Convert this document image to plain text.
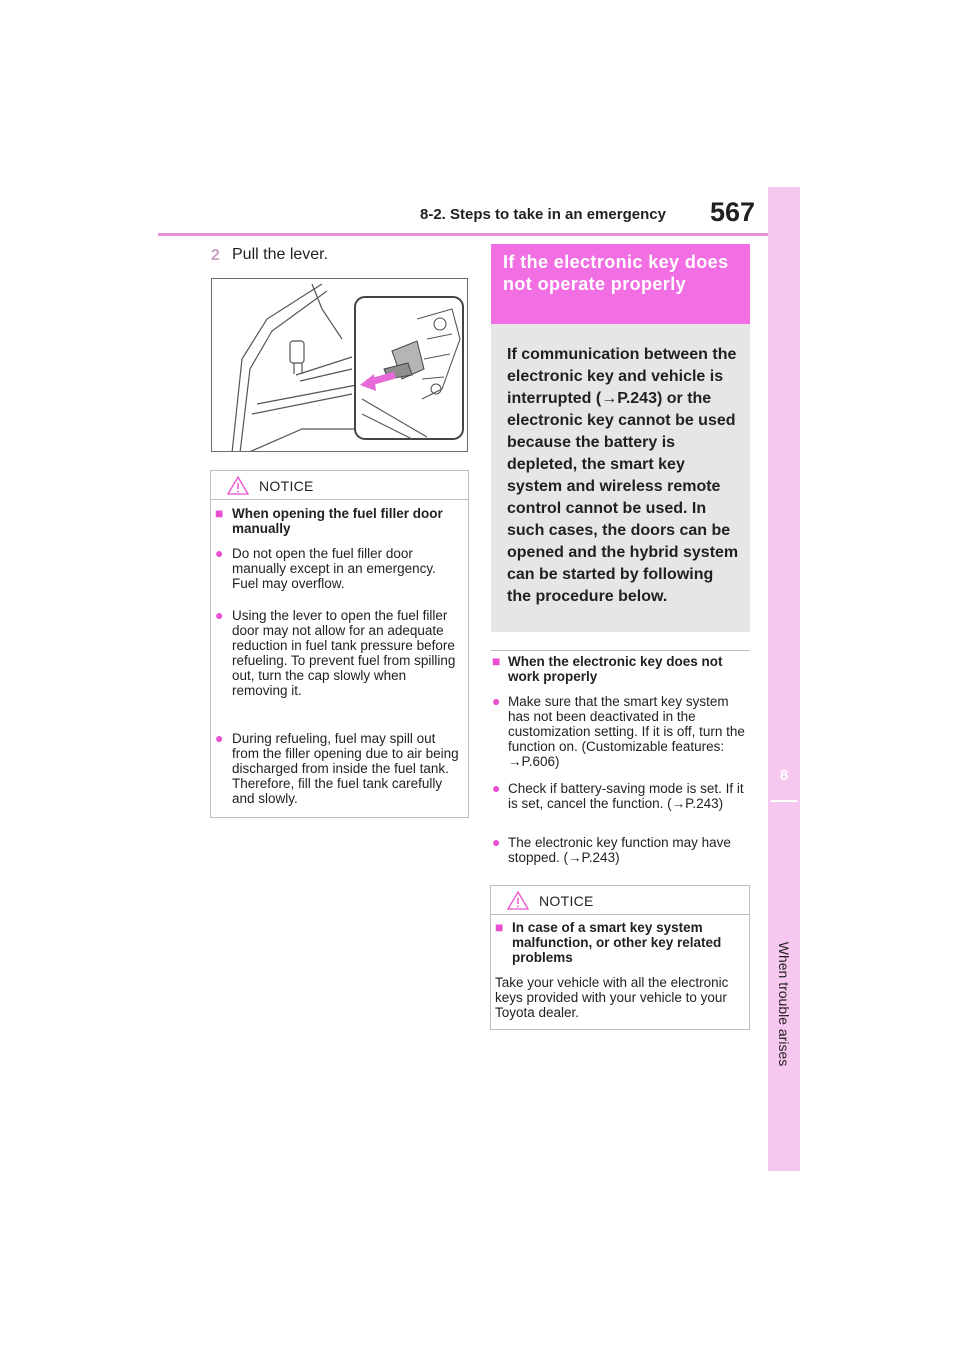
8-2. Steps to take in an emergency 567
8
When trouble arises
2 Pull the lever.
NOTICE
■ When opening the fuel filler door manually
● Do not open the fuel filler door manually except in an emergency. Fuel may overflow.
● Using the lever to open the fuel filler door may not allow for an adequate reduction in fuel tank pressure before refueling. To prevent fuel from spilling out, turn the cap slowly when removing it.
● During refueling, fuel may spill out from the filler opening due to air being discharged from inside the fuel tank. Therefore, fill the fuel tank carefully and slowly.
If the electronic key does not operate properly
If communication between the electronic key and vehicle is interrupted (→P.243) or the electronic key cannot be used because the battery is depleted, the smart key system and wireless remote control cannot be used. In such cases, the doors can be opened and the hybrid system can be started by following the procedure below.
■ When the electronic key does not work properly
● Make sure that the smart key system has not been deactivated in the customization setting. If it is off, turn the function on. (Customizable features: →P.606)
● Check if battery-saving mode is set. If it is set, cancel the function. (→P.243)
● The electronic key function may have stopped. (→P.243)
NOTICE
■ In case of a smart key system malfunction, or other key related problems
Take your vehicle with all the electronic keys provided with your vehicle to your Toyota dealer.
